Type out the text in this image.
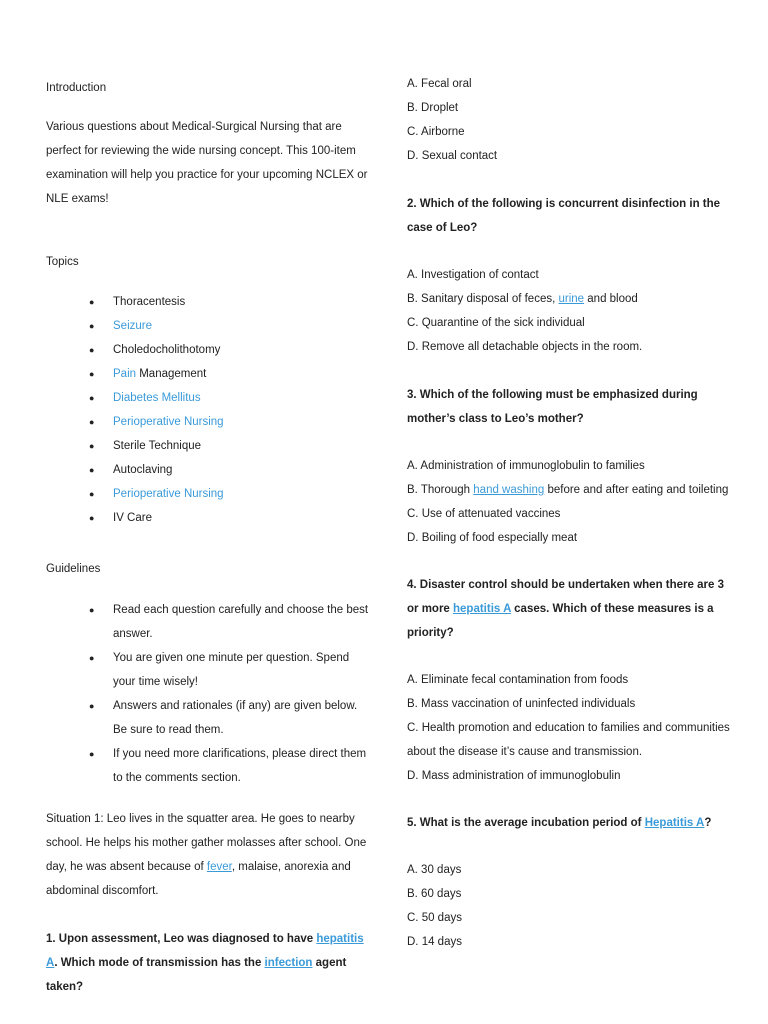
Introduction

Various questions about Medical-Surgical Nursing that are perfect for reviewing the wide nursing concept. This 100-item examination will help you practice for your upcoming NCLEX or NLE exams!

Topics

● Thoracentesis
● Seizure
● Choledocholithotomy
● Pain Management
● Diabetes Mellitus
● Perioperative Nursing
● Sterile Technique
● Autoclaving
● Perioperative Nursing
● IV Care

Guidelines

● Read each question carefully and choose the best answer.
● You are given one minute per question. Spend your time wisely!
● Answers and rationales (if any) are given below. Be sure to read them.
● If you need more clarifications, please direct them to the comments section.

Situation 1: Leo lives in the squatter area. He goes to nearby school. He helps his mother gather molasses after school. One day, he was absent because of fever, malaise, anorexia and abdominal discomfort.

1. Upon assessment, Leo was diagnosed to have hepatitis A. Which mode of transmission has the infection agent taken?

A. Fecal oral

B. Droplet

C. Airborne

D. Sexual contact

2. Which of the following is concurrent disinfection in the case of Leo?

A. Investigation of contact

B. Sanitary disposal of feces, urine and blood

C. Quarantine of the sick individual

D. Remove all detachable objects in the room.

3. Which of the following must be emphasized during mother’s class to Leo’s mother?

A. Administration of immunoglobulin to families

B. Thorough hand washing before and after eating and toileting

C. Use of attenuated vaccines

D. Boiling of food especially meat

4. Disaster control should be undertaken when there are 3 or more hepatitis A cases. Which of these measures is a priority?

A. Eliminate fecal contamination from foods

B. Mass vaccination of uninfected individuals

C. Health promotion and education to families and communities about the disease it’s cause and transmission.

D. Mass administration of immunoglobulin

5. What is the average incubation period of Hepatitis A?

A. 30 days

B. 60 days

C. 50 days

D. 14 days
